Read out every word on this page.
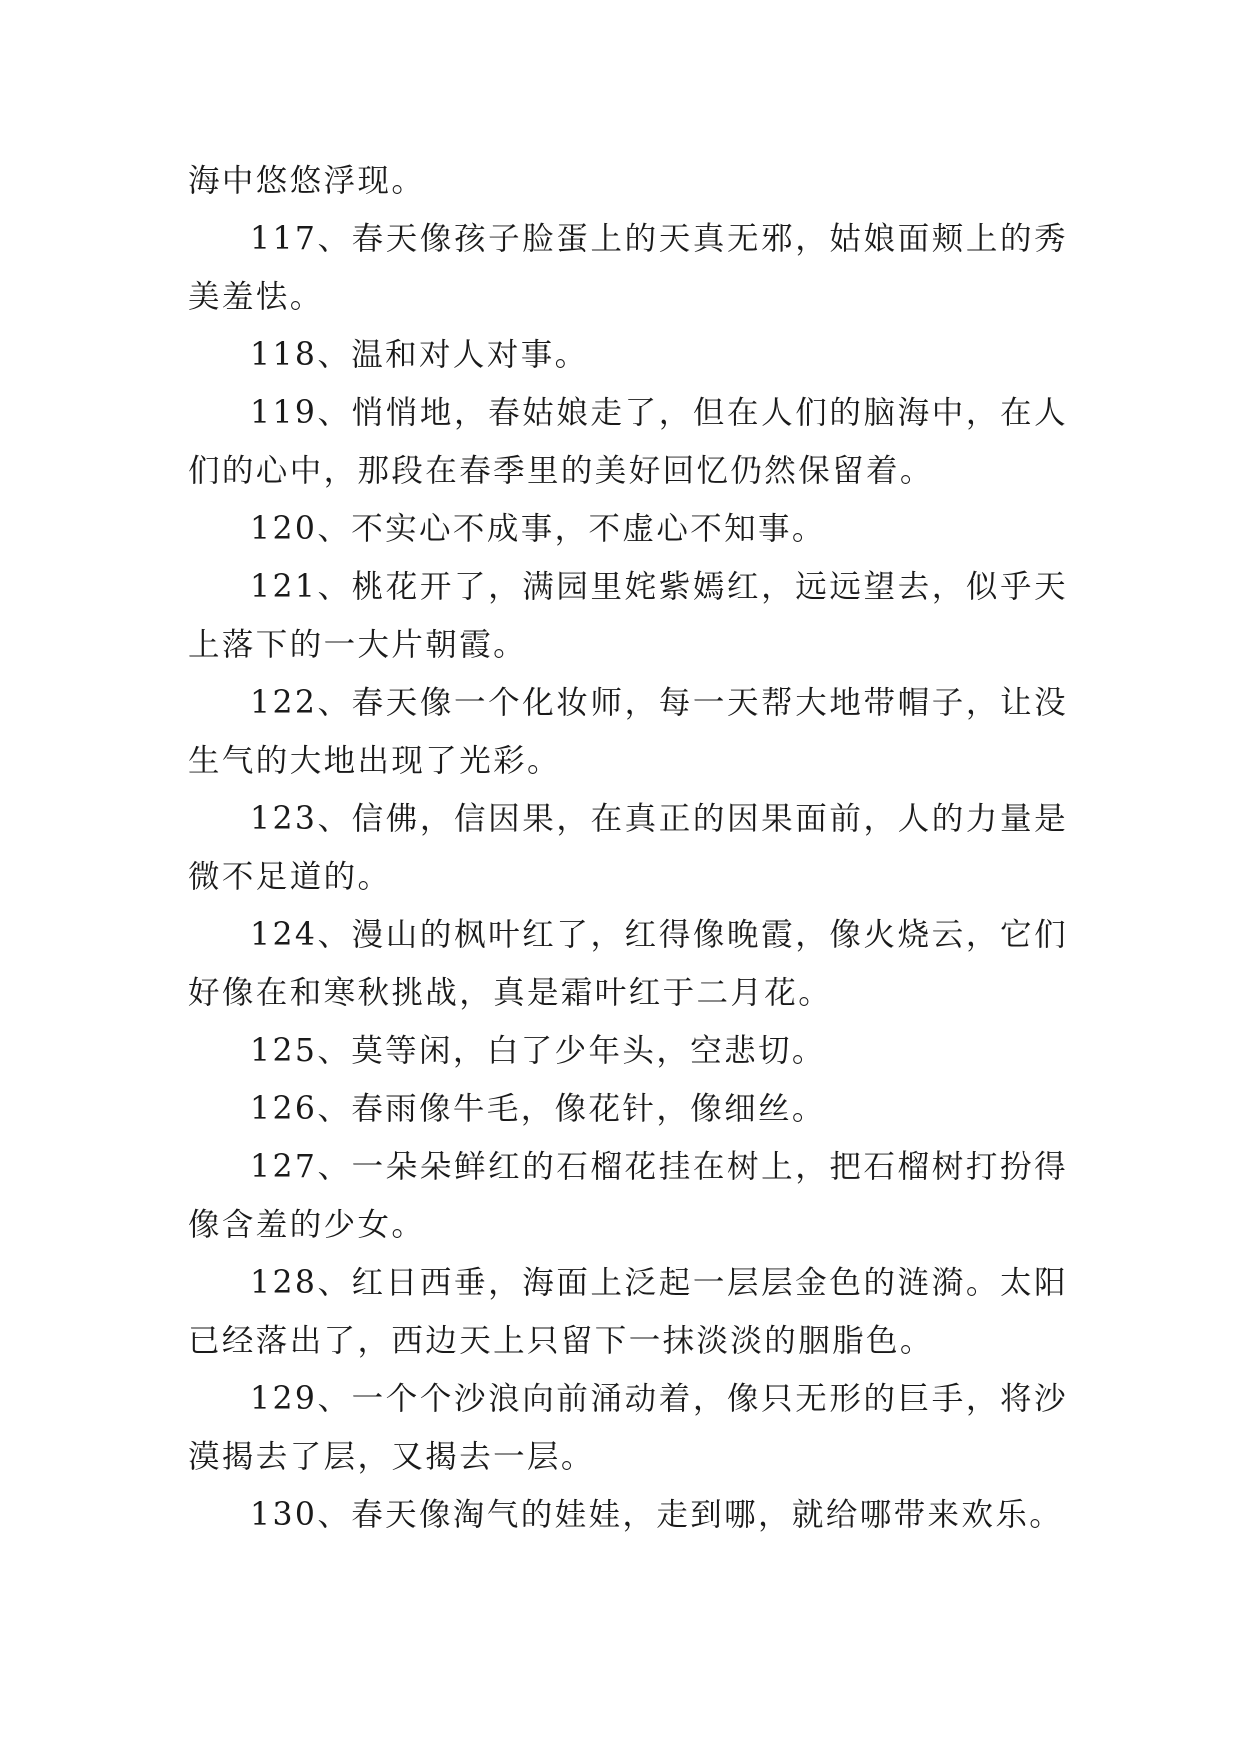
海中悠悠浮现。

117、春天像孩子脸蛋上的天真无邪，姑娘面颊上的秀美羞怯。

118、温和对人对事。

119、悄悄地，春姑娘走了，但在人们的脑海中，在人们的心中，那段在春季里的美好回忆仍然保留着。

120、不实心不成事，不虚心不知事。

121、桃花开了，满园里姹紫嫣红，远远望去，似乎天上落下的一大片朝霞。

122、春天像一个化妆师，每一天帮大地带帽子，让没生气的大地出现了光彩。

123、信佛，信因果，在真正的因果面前，人的力量是微不足道的。

124、漫山的枫叶红了，红得像晚霞，像火烧云，它们好像在和寒秋挑战，真是霜叶红于二月花。

125、莫等闲，白了少年头，空悲切。

126、春雨像牛毛，像花针，像细丝。

127、一朵朵鲜红的石榴花挂在树上，把石榴树打扮得像含羞的少女。

128、红日西垂，海面上泛起一层层金色的涟漪。太阳已经落出了，西边天上只留下一抹淡淡的胭脂色。

129、一个个沙浪向前涌动着，像只无形的巨手，将沙漠揭去了层，又揭去一层。

130、春天像淘气的娃娃，走到哪，就给哪带来欢乐。
